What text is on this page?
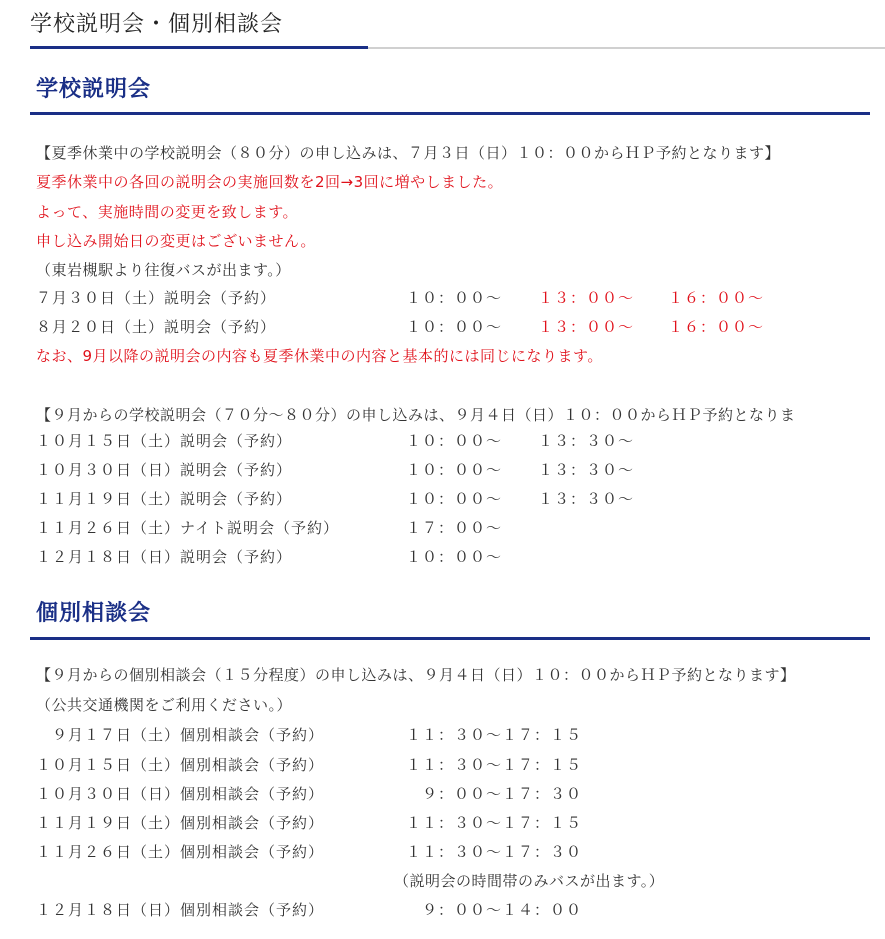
学校説明会・個別相談会
学校説明会
【夏季休業中の学校説明会（８０分）の申し込みは、７月３日（日）１０：００からＨＰ予約となります】
夏季休業中の各回の説明会の実施回数を2回→3回に増やしました。
よって、実施時間の変更を致します。
申し込み開始日の変更はございません。
（東岩槻駅より往復バスが出ます。）
７月３０日（土）説明会（予約）	１０：００～ １３：００～ １６：００～
８月２０日（土）説明会（予約）	１０：００～ １３：００～ １６：００～
なお、9月以降の説明会の内容も夏季休業中の内容と基本的には同じになります。
【９月からの学校説明会（７０分～８０分）の申し込みは、９月４日（日）１０：００からＨＰ予約となりま
１０月１５日（土）説明会（予約）	１０：００～ １３：３０～
１０月３０日（日）説明会（予約）	１０：００～ １３：３０～
１１月１９日（土）説明会（予約）	１０：００～ １３：３０～
１１月２６日（土）ナイト説明会（予約）	１７：００～
１２月１８日（日）説明会（予約）	１０：００～
個別相談会
【９月からの個別相談会（１５分程度）の申し込みは、９月４日（日）１０：００からＨＰ予約となります】
（公共交通機関をご利用ください。）
　９月１７日（土）個別相談会（予約）	１１：３０～１７：１５
１０月１５日（土）個別相談会（予約）	１１：３０～１７：１５
１０月３０日（日）個別相談会（予約）	９：００～１７：３０
１１月１９日（土）個別相談会（予約）	１１：３０～１７：１５
１１月２６日（土）個別相談会（予約）	１１：３０～１７：３０
（説明会の時間帯のみバスが出ます。）
１２月１８日（日）個別相談会（予約）	９：００～１４：００
